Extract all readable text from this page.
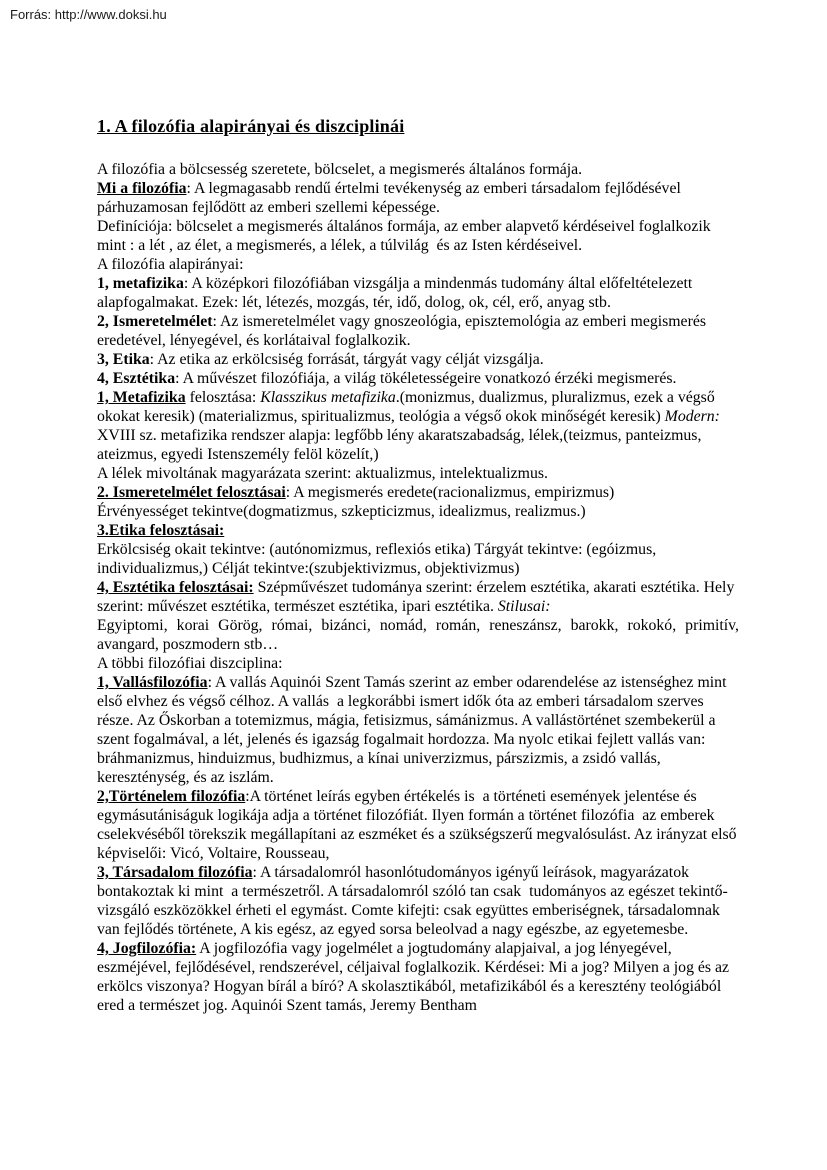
Forrás: http://www.doksi.hu
1. A filozófia alapirányai és diszciplinái

A filozófia a bölcsesség szeretete, bölcselet, a megismerés általános formája.

Mi a filozófia: A legmagasabb rendű értelmi tevékenység az emberi társadalom fejlődésével párhuzamosan fejlődött az emberi szellemi képessége.

Definíciója: bölcselet a megismerés általános formája, az ember alapvető kérdéseivel foglalkozik mint : a lét , az élet, a megismerés, a lélek, a túlvilág  és az Isten kérdéseivel.

A filozófia alapirányai:

1, metafizika: A középkori filozófiában vizsgálja a mindenmás tudomány által előfeltételezett alapfogalmakat. Ezek: lét, létezés, mozgás, tér, idő, dolog, ok, cél, erő, anyag stb.

2, Ismeretelmélet: Az ismeretelmélet vagy gnoszeológia, episztemológia az emberi megismerés eredetével, lényegével, és korlátaival foglalkozik.

3, Etika: Az etika az erkölcsiség forrását, tárgyát vagy célját vizsgálja.

4, Esztétika: A művészet filozófiája, a világ tökéletességeire vonatkozó érzéki megismerés.

1, Metafizika felosztása: Klasszikus metafizika.(monizmus, dualizmus, pluralizmus, ezek a végső okokat keresik) (materializmus, spiritualizmus, teológia a végső okok minőségét keresik) Modern: XVIII sz. metafizika rendszer alapja: legfőbb lény akaratszabadság, lélek,(teizmus, panteizmus, ateizmus, egyedi Istenszemély felöl közelít,)

A lélek mivoltának magyarázata szerint: aktualizmus, intelektualizmus.

2. Ismeretelmélet felosztásai: A megismerés eredete(racionalizmus, empirizmus)

Érvényességet tekintve(dogmatizmus, szkepticizmus, idealizmus, realizmus.)

3.Etika felosztásai:

Erkölcsiség okait tekintve: (autónomizmus, reflexiós etika) Tárgyát tekintve: (egóizmus, individualizmus,) Célját tekintve:(szubjektivizmus, objektivizmus)

4, Esztétika felosztásai: Szépművészet tudománya szerint: érzelem esztétika, akarati esztétika. Hely szerint: művészet esztétika, természet esztétika, ipari esztétika. Stilusai:

Egyiptomi, korai Görög, római, bizánci, nomád, román, reneszánsz, barokk, rokokó, primitív, avangard, poszmodern stb…

A többi filozófiai diszciplina:

1, Vallásfilozófia: A vallás Aquinói Szent Tamás szerint az ember odarendelése az istenséghez mint első elvhez és végső célhoz. A vallás  a legkorábbi ismert idők óta az emberi társadalom szerves része. Az Őskorban a totemizmus, mágia, fetisizmus, sámánizmus. A vallástörténet szembekerül a szent fogalmával, a lét, jelenés és igazság fogalmait hordozza. Ma nyolc etikai fejlett vallás van: bráhmanizmus, hinduizmus, budhizmus, a kínai univerzizmus, párszizmis, a zsidó vallás, kereszténység, és az iszlám.

2,Történelem filozófia:A történet leírás egyben értékelés is  a történeti események jelentése és egymásutániságuk logikája adja a történet filozófiát. Ilyen formán a történet filozófia  az emberek cselekvéséből törekszik megállapítani az eszméket és a szükségszerű megvalósulást. Az irányzat első képviselői: Vicó, Voltaire, Rousseau,

3, Társadalom filozófia: A társadalomról hasonlótudományos igényű leírások, magyarázatok bontakoztak ki mint  a természetről. A társadalomról szóló tan csak  tudományos az egészet tekintő- vizsgáló eszközökkel érheti el egymást. Comte kifejti: csak együttes emberiségnek, társadalomnak  van fejlődés története, A kis egész, az egyed sorsa beleolvad a nagy egészbe, az egyetemesbe.

4, Jogfilozófia: A jogfilozófia vagy jogelmélet a jogtudomány alapjaival, a jog lényegével, eszméjével, fejlődésével, rendszerével, céljaival foglalkozik. Kérdései: Mi a jog? Milyen a jog és az erkölcs viszonya? Hogyan bírál a bíró? A skolasztikából, metafizikából és a keresztény teológiából ered a természet jog. Aquinói Szent tamás, Jeremy Bentham
